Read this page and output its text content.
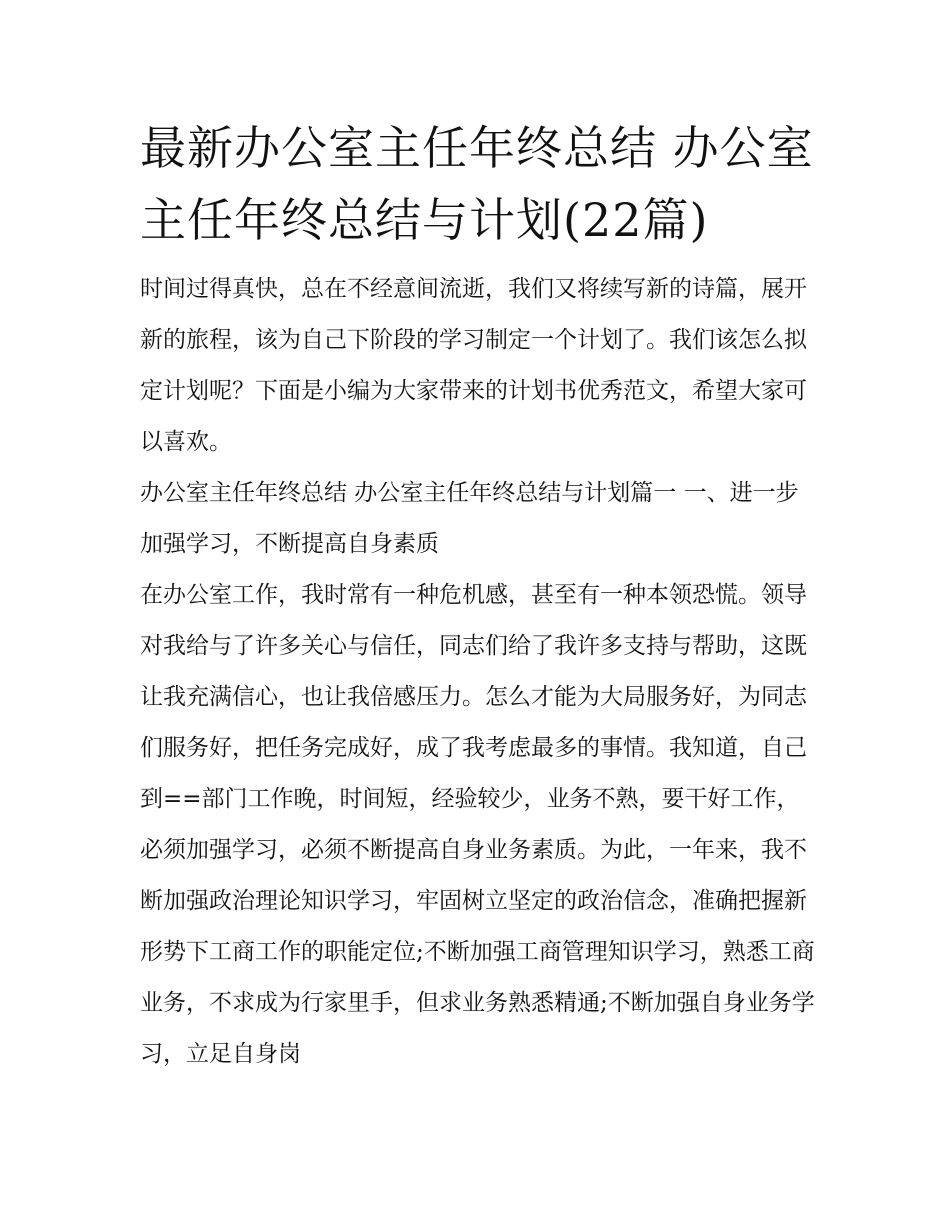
最新办公室主任年终总结 办公室主任年终总结与计划(22篇)

时间过得真快，总在不经意间流逝，我们又将续写新的诗篇，展开新的旅程，该为自己下阶段的学习制定一个计划了。我们该怎么拟定计划呢？下面是小编为大家带来的计划书优秀范文，希望大家可以喜欢。

办公室主任年终总结 办公室主任年终总结与计划篇一 一、进一步加强学习，不断提高自身素质

在办公室工作，我时常有一种危机感，甚至有一种本领恐慌。领导对我给与了许多关心与信任，同志们给了我许多支持与帮助，这既让我充满信心，也让我倍感压力。怎么才能为大局服务好，为同志们服务好，把任务完成好，成了我考虑最多的事情。我知道，自己到==部门工作晚，时间短，经验较少，业务不熟，要干好工作，必须加强学习，必须不断提高自身业务素质。为此，一年来，我不断加强政治理论知识学习，牢固树立坚定的政治信念，准确把握新形势下工商工作的职能定位;不断加强工商管理知识学习，熟悉工商业务，不求成为行家里手，但求业务熟悉精通;不断加强自身业务学习，立足自身岗
